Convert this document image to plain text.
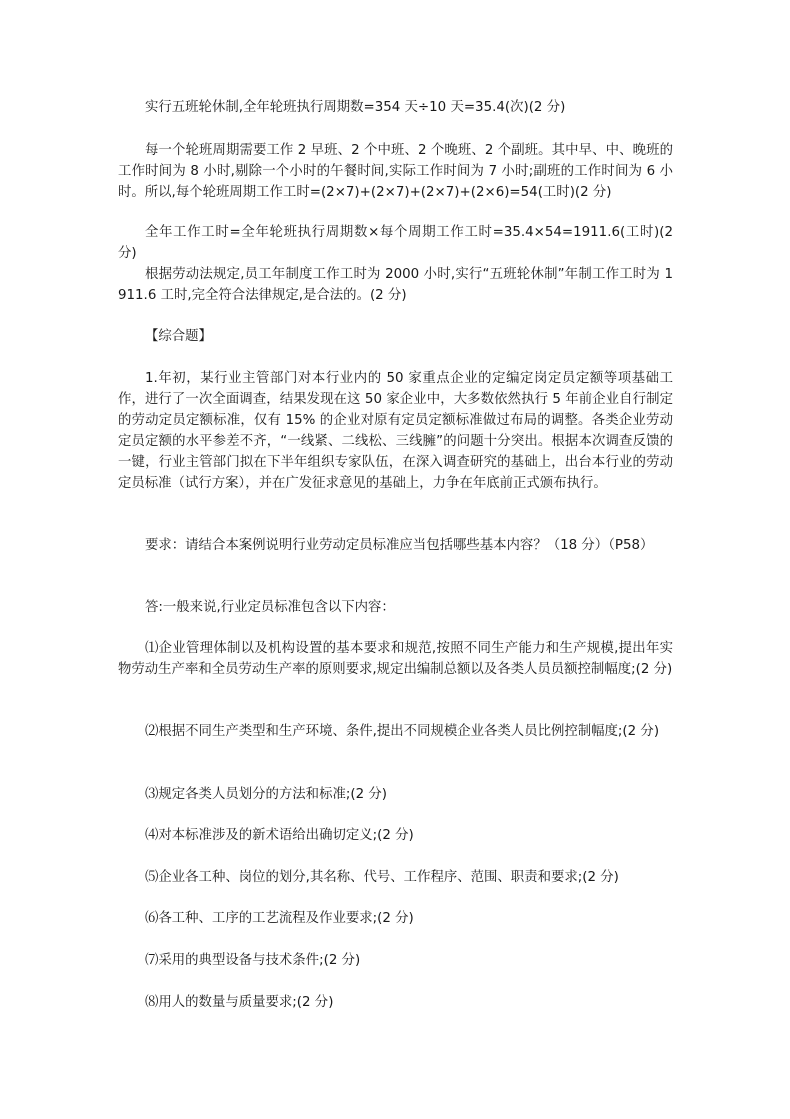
实行五班轮休制,全年轮班执行周期数=354 天÷10 天=35.4(次)(2 分)

每一个轮班周期需要工作 2 早班、2 个中班、2 个晚班、2 个副班。其中早、中、晚班的工作时间为 8 小时,剔除一个小时的午餐时间,实际工作时间为 7 小时;副班的工作时间为 6 小时。所以,每个轮班周期工作工时=(2×7)+(2×7)+(2×7)+(2×6)=54(工时)(2 分)

全年工作工时=全年轮班执行周期数×每个周期工作工时=35.4×54=1911.6(工时)(2 分)

根据劳动法规定,员工年制度工作工时为 2000 小时,实行“五班轮休制”年制工作工时为 1911.6 工时,完全符合法律规定,是合法的。(2 分)

【综合题】

1.年初，某行业主管部门对本行业内的 50 家重点企业的定编定岗定员定额等项基础工作，进行了一次全面调查，结果发现在这 50 家企业中，大多数依然执行 5 年前企业自行制定的劳动定员定额标准，仅有 15% 的企业对原有定员定额标准做过布局的调整。各类企业劳动定员定额的水平参差不齐，“一线紧、二线松、三线臃”的问题十分突出。根据本次调查反馈的一键，行业主管部门拟在下半年组织专家队伍，在深入调查研究的基础上，出台本行业的劳动定员标准（试行方案），并在广发征求意见的基础上，力争在年底前正式颁布执行。

要求：请结合本案例说明行业劳动定员标准应当包括哪些基本内容？（18 分）（P58）

答:一般来说,行业定员标准包含以下内容：

⑴企业管理体制以及机构设置的基本要求和规范,按照不同生产能力和生产规模,提出年实物劳动生产率和全员劳动生产率的原则要求,规定出编制总额以及各类人员员额控制幅度;(2 分)

⑵根据不同生产类型和生产环境、条件,提出不同规模企业各类人员比例控制幅度;(2 分)

⑶规定各类人员划分的方法和标准;(2 分)

⑷对本标准涉及的新术语给出确切定义;(2 分)

⑸企业各工种、岗位的划分,其名称、代号、工作程序、范围、职责和要求;(2 分)

⑹各工种、工序的工艺流程及作业要求;(2 分)

⑺采用的典型设备与技术条件;(2 分)

⑻用人的数量与质量要求;(2 分)
